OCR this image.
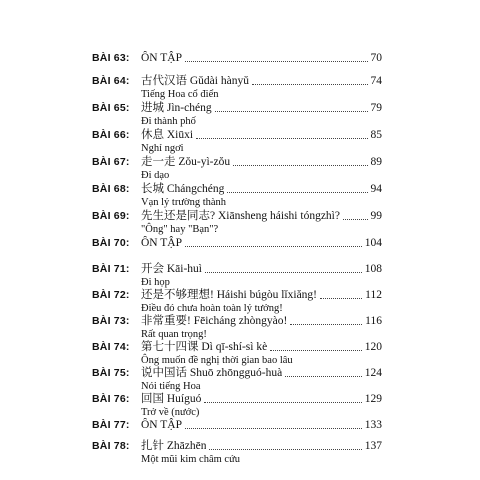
BÀI 63: ÔN TẬP	70
BÀI 64: 古代汉语 Gŭdài hànyŭ	74
Tiếng Hoa cổ điển
BÀI 65: 进城 Jìn-chéng	79
Đi thành phố
BÀI 66: 休息 Xiūxi	85
Nghỉ ngơi
BÀI 67: 走一走 Zŏu-yì-zŏu	89
Đi dạo
BÀI 68: 长城 Chángchéng	94
Vạn lý trường thành
BÀI 69: 先生还是同志? Xiānsheng háishi tóngzhì?	99
"Ông" hay "Bạn"?
BÀI 70: ÔN TẬP	104
BÀI 71: 开会 Kāi-huì	108
Đi họp
BÀI 72: 还是不够理想! Háishi búgòu lĭxiăng!	112
Điều đó chưa hoàn toàn lý tưởng!
BÀI 73: 非常重要! Fēicháng zhòngyào!	116
Rất quan trọng!
BÀI 74: 第七十四课 Dì qī-shí-sì kè	120
Ông muốn đề nghị thời gian bao lâu
BÀI 75: 说中国话 Shuō zhōngguó-huà	124
Nói tiếng Hoa
BÀI 76: 回国 Huíguó	129
Trở về (nước)
BÀI 77: ÔN TẬP	133
BÀI 78: 扎针 Zhāzhēn	137
Một mũi kim châm cứu
